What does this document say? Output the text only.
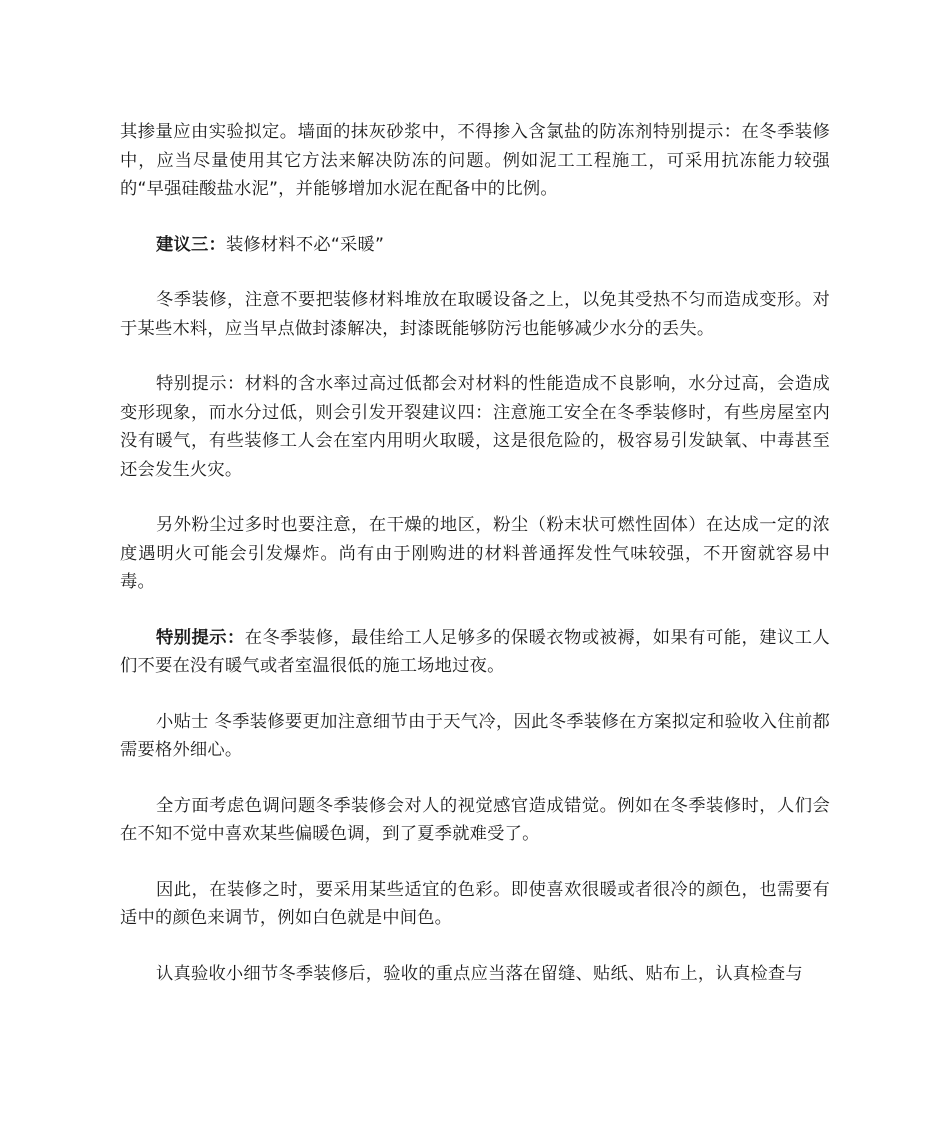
其掺量应由实验拟定。墙面的抹灰砂浆中，不得掺入含氯盐的防冻剂特别提示：在冬季装修中，应当尽量使用其它方法来解决防冻的问题。例如泥工工程施工，可采用抗冻能力较强的“早强硅酸盐水泥”，并能够增加水泥在配备中的比例。

建议三：装修材料不必“采暖”

冬季装修，注意不要把装修材料堆放在取暖设备之上，以免其受热不匀而造成变形。对于某些木料，应当早点做封漆解决，封漆既能够防污也能够减少水分的丢失。

特别提示：材料的含水率过高过低都会对材料的性能造成不良影响，水分过高，会造成变形现象，而水分过低，则会引发开裂建议四：注意施工安全在冬季装修时，有些房屋室内没有暖气，有些装修工人会在室内用明火取暖，这是很危险的，极容易引发缺氧、中毒甚至还会发生火灾。

另外粉尘过多时也要注意，在干燥的地区，粉尘（粉末状可燃性固体）在达成一定的浓度遇明火可能会引发爆炸。尚有由于刚购进的材料普通挥发性气味较强，不开窗就容易中毒。

特别提示：在冬季装修，最佳给工人足够多的保暖衣物或被褥，如果有可能，建议工人们不要在没有暖气或者室温很低的施工场地过夜。

小贴士 冬季装修要更加注意细节由于天气冷，因此冬季装修在方案拟定和验收入住前都需要格外细心。

全方面考虑色调问题冬季装修会对人的视觉感官造成错觉。例如在冬季装修时，人们会在不知不觉中喜欢某些偏暖色调，到了夏季就难受了。

因此，在装修之时，要采用某些适宜的色彩。即使喜欢很暖或者很冷的颜色，也需要有适中的颜色来调节，例如白色就是中间色。

认真验收小细节冬季装修后，验收的重点应当落在留缝、贴纸、贴布上，认真检查与
